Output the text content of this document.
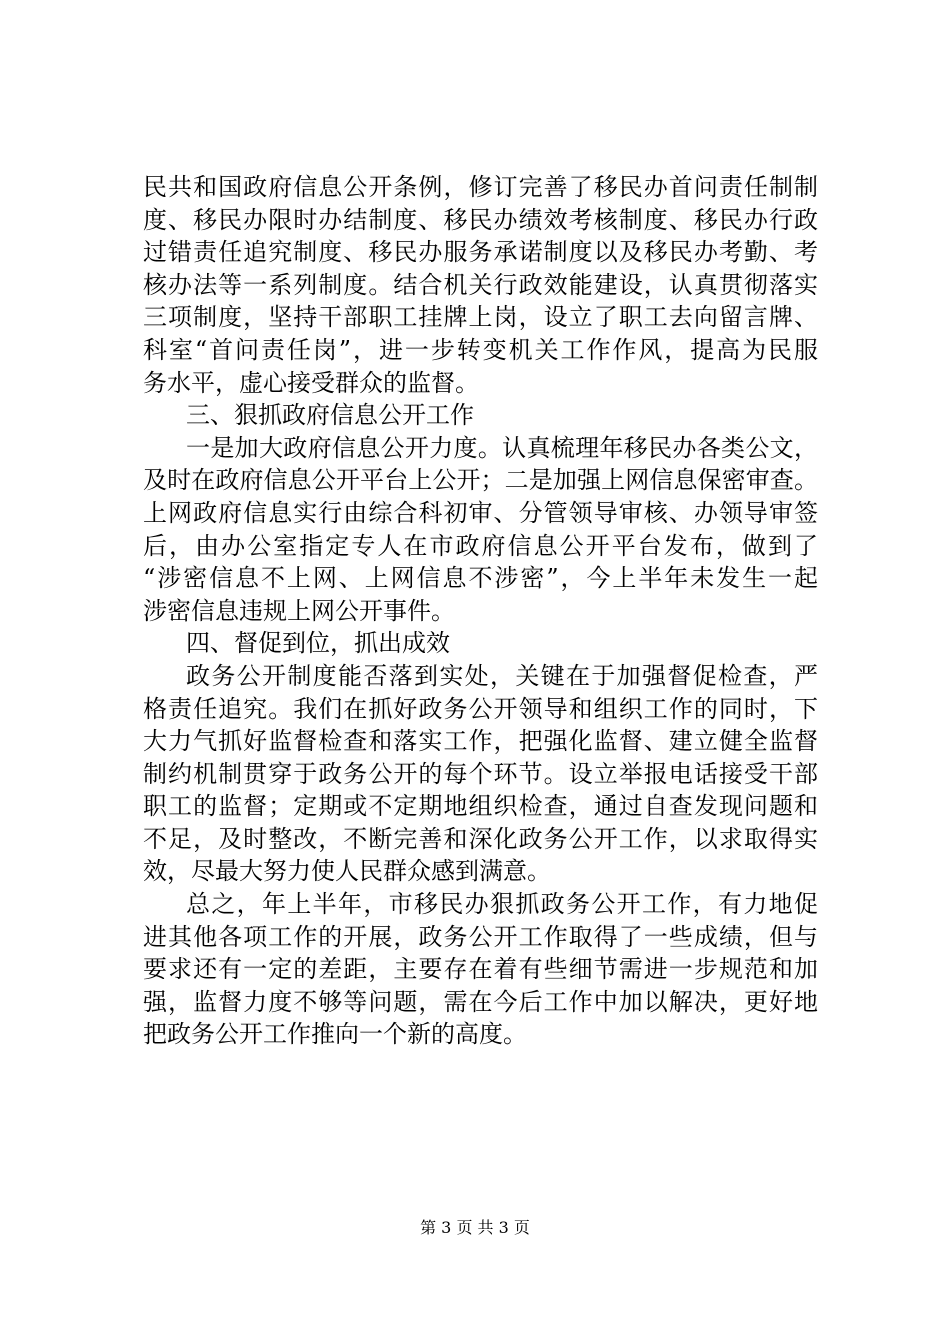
民共和国政府信息公开条例，修订完善了移民办首问责任制制
度、移民办限时办结制度、移民办绩效考核制度、移民办行政
过错责任追究制度、移民办服务承诺制度以及移民办考勤、考
核办法等一系列制度。结合机关行政效能建设，认真贯彻落实
三项制度，坚持干部职工挂牌上岗，设立了职工去向留言牌、
科室“首问责任岗”，进一步转变机关工作作风，提高为民服
务水平，虚心接受群众的监督。
三、狠抓政府信息公开工作
一是加大政府信息公开力度。认真梳理年移民办各类公文，
及时在政府信息公开平台上公开；二是加强上网信息保密审查。
上网政府信息实行由综合科初审、分管领导审核、办领导审签
后，由办公室指定专人在市政府信息公开平台发布，做到了
“涉密信息不上网、上网信息不涉密”，今上半年未发生一起
涉密信息违规上网公开事件。
四、督促到位，抓出成效
政务公开制度能否落到实处，关键在于加强督促检查，严
格责任追究。我们在抓好政务公开领导和组织工作的同时，下
大力气抓好监督检查和落实工作，把强化监督、建立健全监督
制约机制贯穿于政务公开的每个环节。设立举报电话接受干部
职工的监督；定期或不定期地组织检查，通过自查发现问题和
不足，及时整改，不断完善和深化政务公开工作，以求取得实
效，尽最大努力使人民群众感到满意。
总之，年上半年，市移民办狠抓政务公开工作，有力地促
进其他各项工作的开展，政务公开工作取得了一些成绩，但与
要求还有一定的差距，主要存在着有些细节需进一步规范和加
强，监督力度不够等问题，需在今后工作中加以解决，更好地
把政务公开工作推向一个新的高度。
第 3 页 共 3 页
